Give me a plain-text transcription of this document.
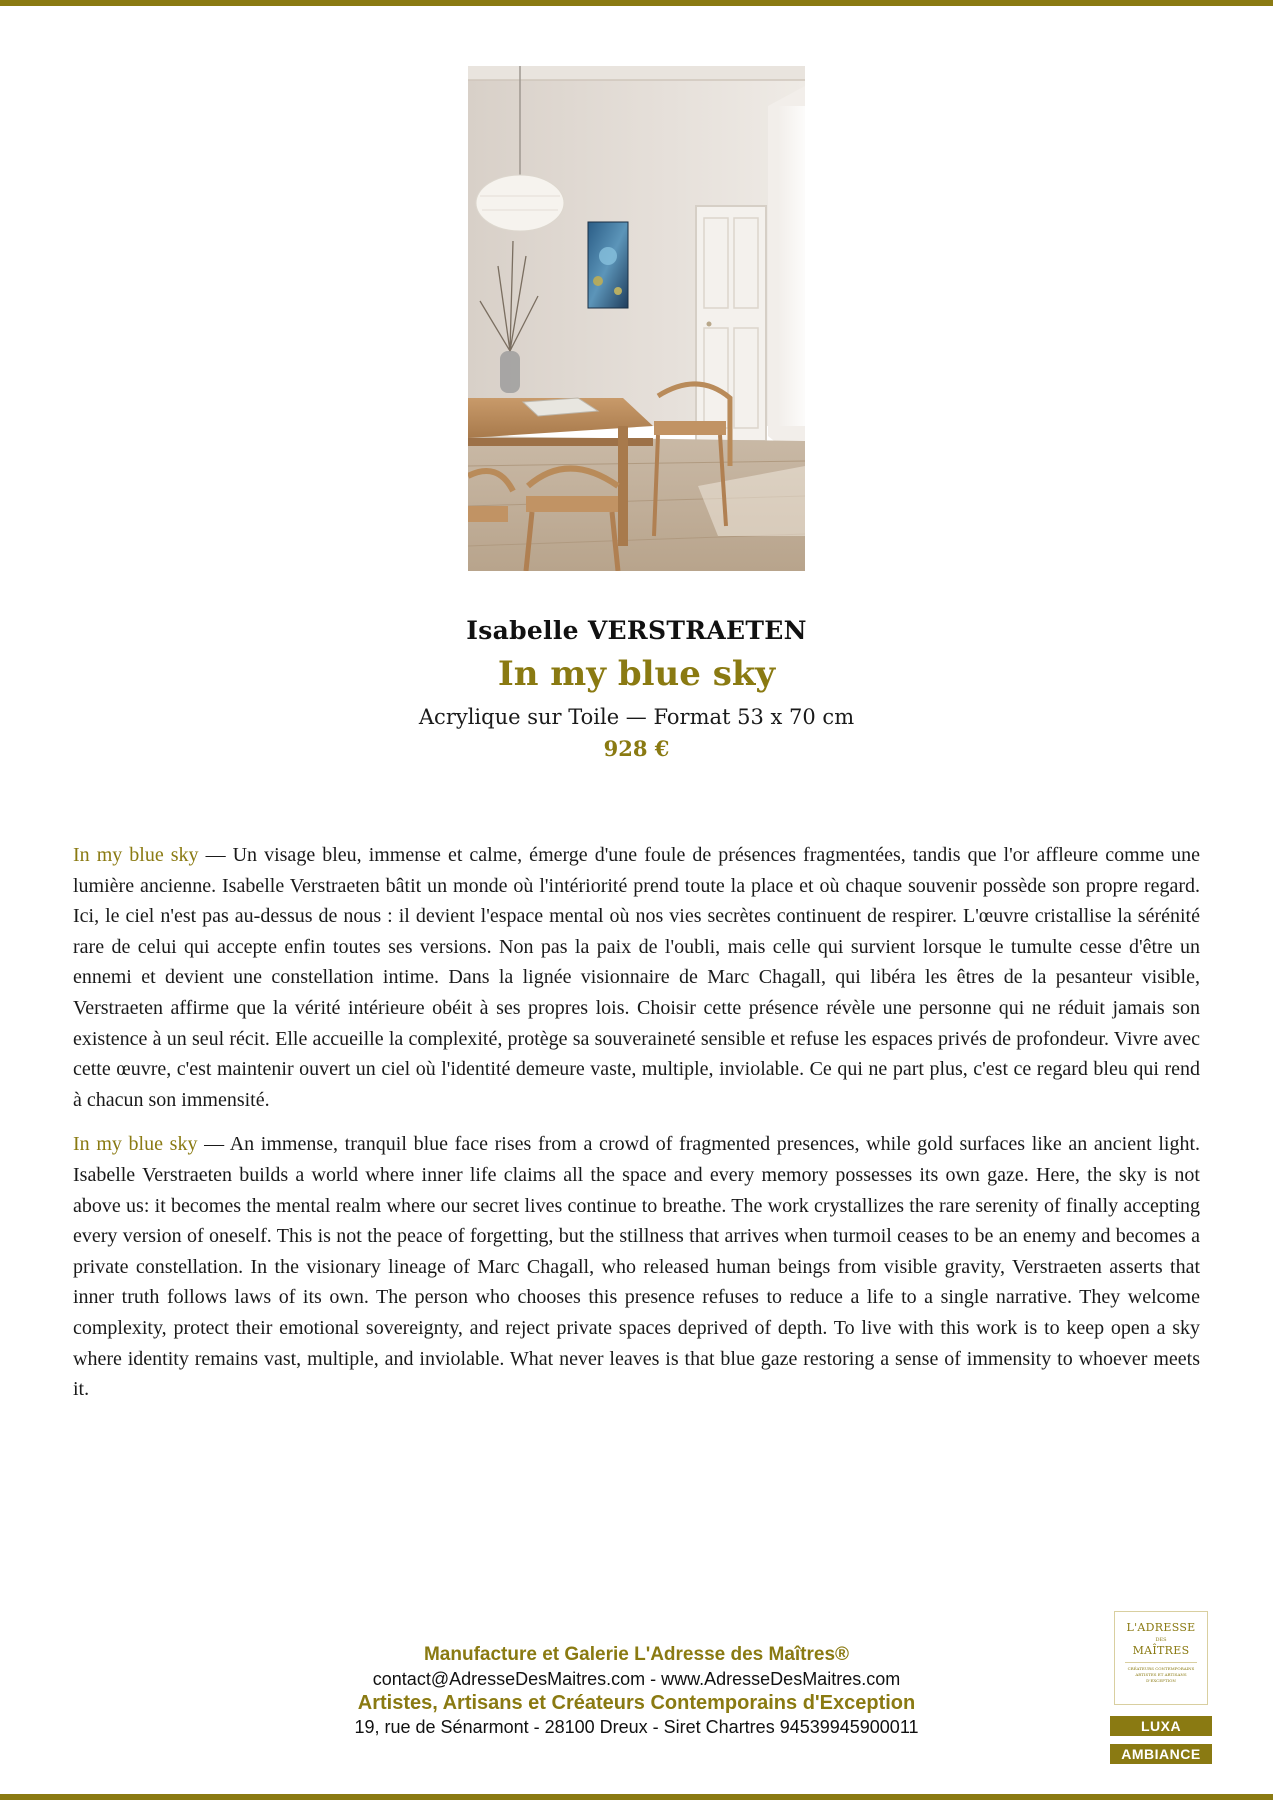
Isabelle VERSTRAETEN
In my blue sky
Acrylique sur Toile — Format 53 x 70 cm
928 €

In my blue sky — Un visage bleu, immense et calme, émerge d'une foule de présences fragmentées, tandis que l'or affleure comme une lumière ancienne. Isabelle Verstraeten bâtit un monde où l'intériorité prend toute la place et où chaque souvenir possède son propre regard. Ici, le ciel n'est pas au-dessus de nous : il devient l'espace mental où nos vies secrètes continuent de respirer. L'œuvre cristallise la sérénité rare de celui qui accepte enfin toutes ses versions. Non pas la paix de l'oubli, mais celle qui survient lorsque le tumulte cesse d'être un ennemi et devient une constellation intime. Dans la lignée visionnaire de Marc Chagall, qui libéra les êtres de la pesanteur visible, Verstraeten affirme que la vérité intérieure obéit à ses propres lois. Choisir cette présence révèle une personne qui ne réduit jamais son existence à un seul récit. Elle accueille la complexité, protège sa souveraineté sensible et refuse les espaces privés de profondeur. Vivre avec cette œuvre, c'est maintenir ouvert un ciel où l'identité demeure vaste, multiple, inviolable. Ce qui ne part plus, c'est ce regard bleu qui rend à chacun son immensité.

In my blue sky — An immense, tranquil blue face rises from a crowd of fragmented presences, while gold surfaces like an ancient light. Isabelle Verstraeten builds a world where inner life claims all the space and every memory possesses its own gaze. Here, the sky is not above us: it becomes the mental realm where our secret lives continue to breathe. The work crystallizes the rare serenity of finally accepting every version of oneself. This is not the peace of forgetting, but the stillness that arrives when turmoil ceases to be an enemy and becomes a private constellation. In the visionary lineage of Marc Chagall, who released human beings from visible gravity, Verstraeten asserts that inner truth follows laws of its own. The person who chooses this presence refuses to reduce a life to a single narrative. They welcome complexity, protect their emotional sovereignty, and reject private spaces deprived of depth. To live with this work is to keep open a sky where identity remains vast, multiple, and inviolable. What never leaves is that blue gaze restoring a sense of immensity to whoever meets it.

Manufacture et Galerie L'Adresse des Maîtres®
contact@AdresseDesMaitres.com - www.AdresseDesMaitres.com
Artistes, Artisans et Créateurs Contemporains d'Exception
19, rue de Sénarmont - 28100 Dreux - Siret Chartres 94539945900011
L'ADRESSE
DES
MAÎTRES
CRÉATEURS CONTEMPORAINS ARTISTES ET ARTISANS D'EXCEPTION
LUXA
AMBIANCE
